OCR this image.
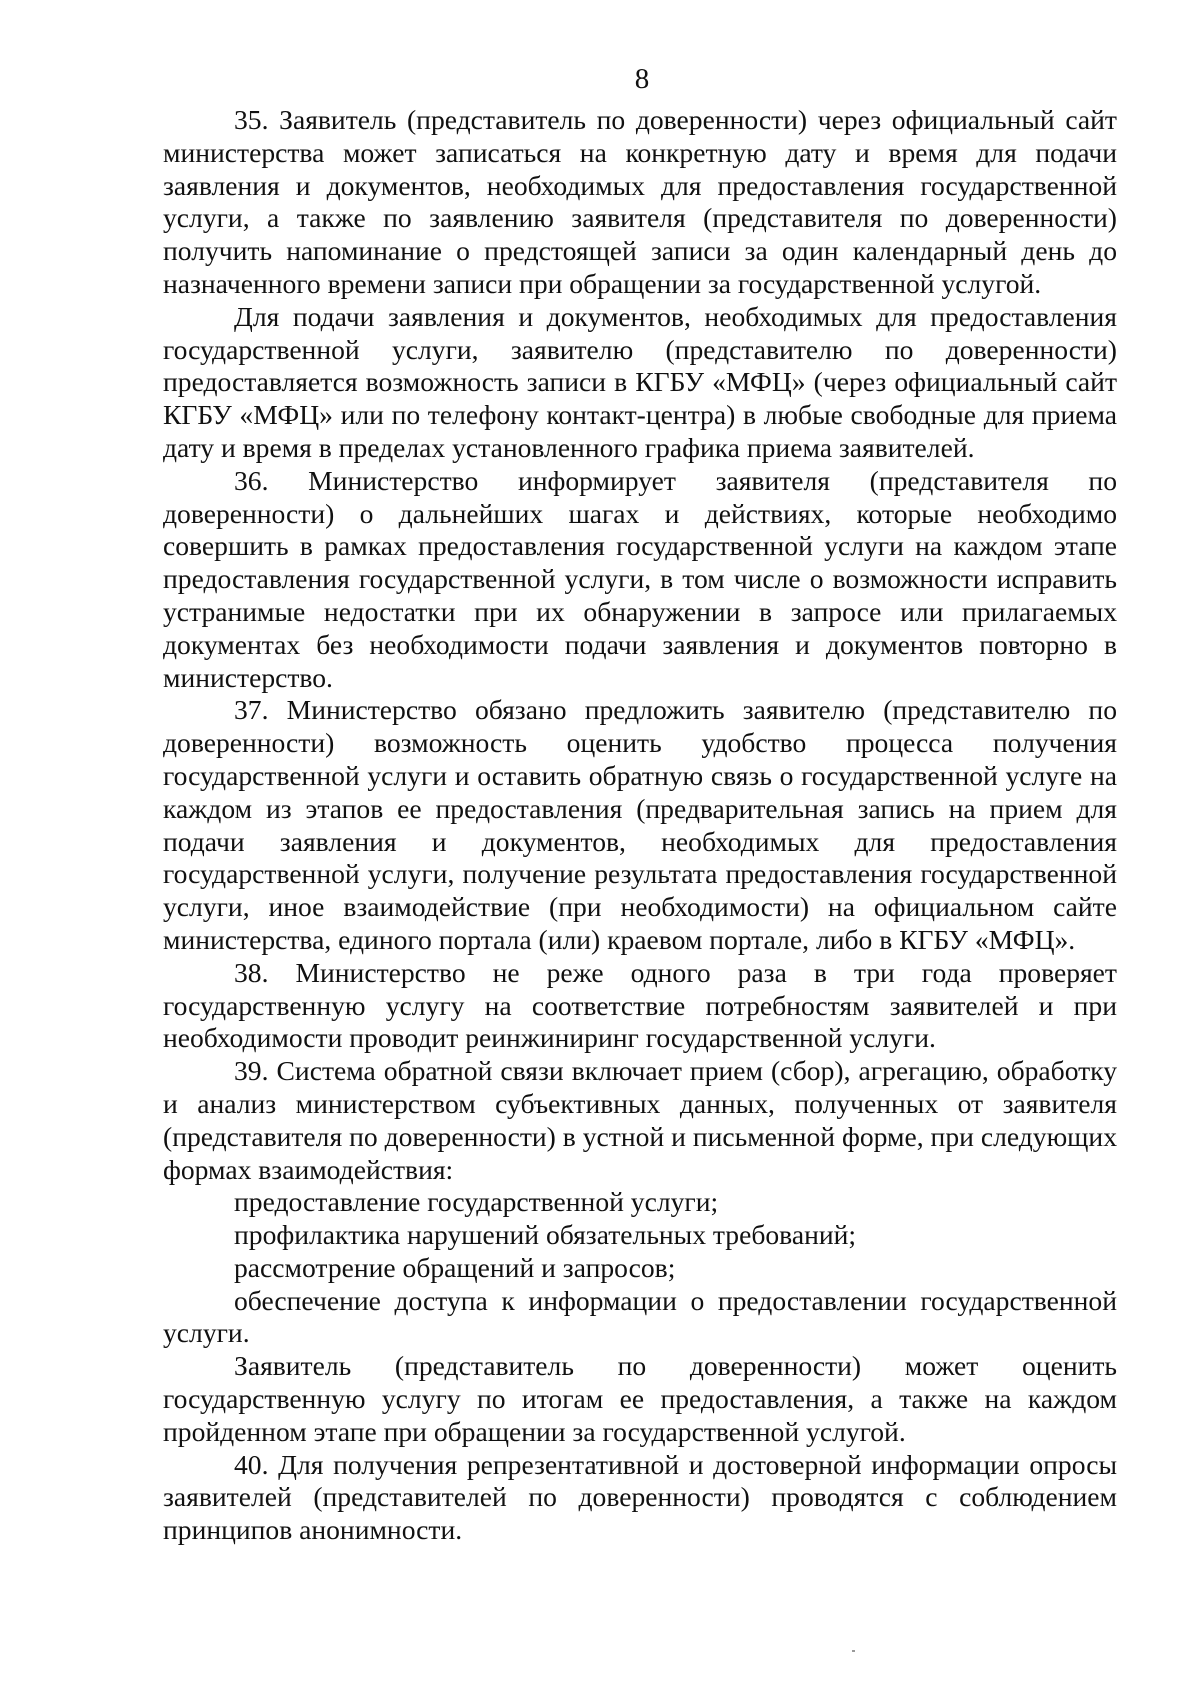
8

35. Заявитель (представитель по доверенности) через официальный сайт министерства может записаться на конкретную дату и время для подачи заявления и документов, необходимых для предоставления государственной услуги, а также по заявлению заявителя (представителя по доверенности) получить напоминание о предстоящей записи за один календарный день до назначенного времени записи при обращении за государственной услугой.

Для подачи заявления и документов, необходимых для предоставления государственной услуги, заявителю (представителю по доверенности) предоставляется возможность записи в КГБУ «МФЦ» (через официальный сайт КГБУ «МФЦ» или по телефону контакт-центра) в любые свободные для приема дату и время в пределах установленного графика приема заявителей.

36. Министерство информирует заявителя (представителя по доверенности) о дальнейших шагах и действиях, которые необходимо совершить в рамках предоставления государственной услуги на каждом этапе предоставления государственной услуги, в том числе о возможности исправить устранимые недостатки при их обнаружении в запросе или прилагаемых документах без необходимости подачи заявления и документов повторно в министерство.

37. Министерство обязано предложить заявителю (представителю по доверенности) возможность оценить удобство процесса получения государственной услуги и оставить обратную связь о государственной услуге на каждом из этапов ее предоставления (предварительная запись на прием для подачи заявления и документов, необходимых для предоставления государственной услуги, получение результата предоставления государственной услуги, иное взаимодействие (при необходимости) на официальном сайте министерства, единого портала (или) краевом портале, либо в КГБУ «МФЦ».

38. Министерство не реже одного раза в три года проверяет государственную услугу на соответствие потребностям заявителей и при необходимости проводит реинжиниринг государственной услуги.

39. Система обратной связи включает прием (сбор), агрегацию, обработку и анализ министерством субъективных данных, полученных от заявителя (представителя по доверенности) в устной и письменной форме, при следующих формах взаимодействия:

предоставление государственной услуги;

профилактика нарушений обязательных требований;

рассмотрение обращений и запросов;

обеспечение доступа к информации о предоставлении государственной услуги.

Заявитель (представитель по доверенности) может оценить государственную услугу по итогам ее предоставления, а также на каждом пройденном этапе при обращении за государственной услугой.

40. Для получения репрезентативной и достоверной информации опросы заявителей (представителей по доверенности) проводятся с соблюдением принципов анонимности.
